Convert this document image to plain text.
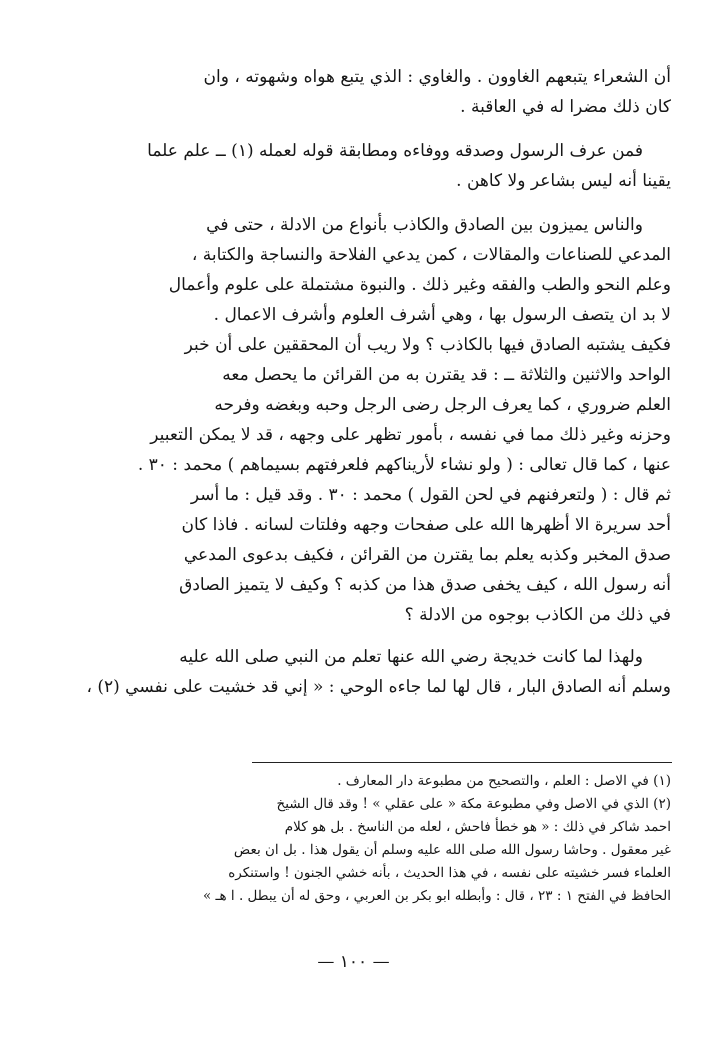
أن الشعراء يتبعهم الغاوون . والغاوي : الذي يتبع هواه وشهوته ، وان
كان ذلك مضرا له في العاقبة .

فمن عرف الرسول وصدقه ووفاءه ومطابقة قوله لعمله (١) ــ علم علما
يقينا أنه ليس بشاعر ولا كاهن .

والناس يميزون بين الصادق والكاذب بأنواع من الادلة ، حتى في
المدعي للصناعات والمقالات ، كمن يدعي الفلاحة والنساجة والكتابة ،
وعلم النحو والطب والفقه وغير ذلك . والنبوة مشتملة على علوم وأعمال
لا بد ان يتصف الرسول بها ، وهي أشرف العلوم وأشرف الاعمال .
فكيف يشتبه الصادق فيها بالكاذب ؟ ولا ريب أن المحققين على أن خبر
الواحد والاثنين والثلاثة ــ : قد يقترن به من القرائن ما يحصل معه
العلم ضروري ، كما يعرف الرجل رضى الرجل وحبه وبغضه وفرحه
وحزنه وغير ذلك مما في نفسه ، بأمور تظهر على وجهه ، قد لا يمكن التعبير
عنها ، كما قال تعالى : ( ولو نشاء لأريناكهم فلعرفتهم بسيماهم ) محمد : ٣٠ .
ثم قال : ( ولتعرفنهم في لحن القول ) محمد : ٣٠ . وقد قيل : ما أسر
أحد سريرة الا أظهرها الله على صفحات وجهه وفلتات لسانه . فاذا كان
صدق المخبر وكذبه يعلم بما يقترن من القرائن ، فكيف بدعوى المدعي
أنه رسول الله ، كيف يخفى صدق هذا من كذبه ؟ وكيف لا يتميز الصادق
في ذلك من الكاذب بوجوه من الادلة ؟

ولهذا لما كانت خديجة رضي الله عنها تعلم من النبي صلى الله عليه
وسلم أنه الصادق البار ، قال لها لما جاءه الوحي : « إني قد خشيت على نفسي (٢) ،

(١) في الاصل : العلم ، والتصحيح من مطبوعة دار المعارف .

(٢) الذي في الاصل وفي مطبوعة مكة « على عقلي » ! وقد قال الشيخ
احمد شاكر في ذلك : « هو خطأ فاحش ، لعله من الناسخ . بل هو كلام
غير معقول . وحاشا رسول الله صلى الله عليه وسلم أن يقول هذا . بل ان بعض
العلماء فسر خشيته على نفسه ، في هذا الحديث ، بأنه خشي الجنون ! واستنكره
الحافظ في الفتح ١ : ٢٣ ، قال : وأبطله ابو بكر بن العربي ، وحق له أن يبطل . ا هـ »

— ١٠٠ —
